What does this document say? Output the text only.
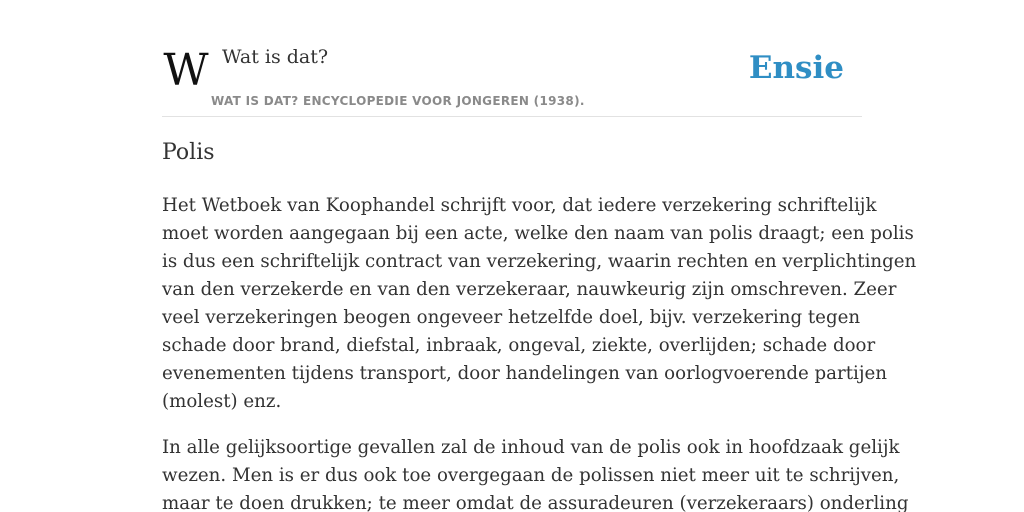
W Wat is dat?
WAT IS DAT? ENCYCLOPEDIE VOOR JONGEREN (1938).
Ensie
Polis

Het Wetboek van Koophandel schrijft voor, dat iedere verzekering schriftelijk
moet worden aangegaan bij een acte, welke den naam van polis draagt; een polis
is dus een schriftelijk contract van verzekering, waarin rechten en verplichtingen
van den verzekerde en van den verzekeraar, nauwkeurig zijn omschreven. Zeer
veel verzekeringen beogen ongeveer hetzelfde doel, bijv. verzekering tegen
schade door brand, diefstal, inbraak, ongeval, ziekte, overlijden; schade door
evenementen tijdens transport, door handelingen van oorlogvoerende partijen
(molest) enz.

In alle gelijksoortige gevallen zal de inhoud van de polis ook in hoofdzaak gelijk
wezen. Men is er dus ook toe overgegaan de polissen niet meer uit te schrijven,
maar te doen drukken; te meer omdat de assuradeuren (verzekeraars) onderling
